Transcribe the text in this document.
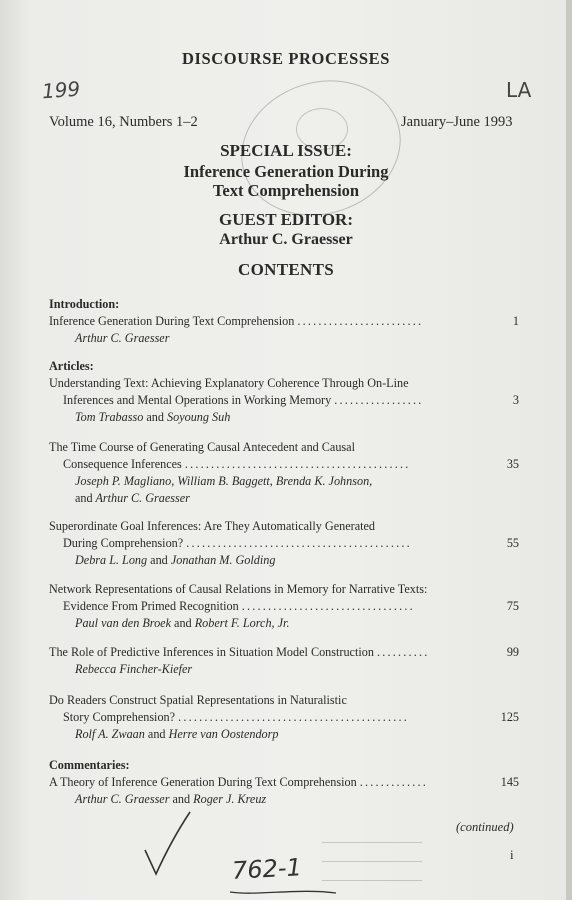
DISCOURSE PROCESSES
199	LA
Volume 16, Numbers 1–2	January–June 1993
SPECIAL ISSUE:
Inference Generation During
Text Comprehension
GUEST EDITOR:
Arthur C. Graesser
CONTENTS
Introduction:
Inference Generation During Text Comprehension ........................	1
Arthur C. Graesser
Articles:
Understanding Text: Achieving Explanatory Coherence Through On-Line
Inferences and Mental Operations in Working Memory .................	3
Tom Trabasso and Soyoung Suh
The Time Course of Generating Causal Antecedent and Causal
Consequence Inferences ...........................................	35
Joseph P. Magliano, William B. Baggett, Brenda K. Johnson,
and Arthur C. Graesser
Superordinate Goal Inferences: Are They Automatically Generated
During Comprehension? ...........................................	55
Debra L. Long and Jonathan M. Golding
Network Representations of Causal Relations in Memory for Narrative Texts:
Evidence From Primed Recognition .................................	75
Paul van den Broek and Robert F. Lorch, Jr.
The Role of Predictive Inferences in Situation Model Construction ..........	99
Rebecca Fincher-Kiefer
Do Readers Construct Spatial Representations in Naturalistic
Story Comprehension? ............................................	125
Rolf A. Zwaan and Herre van Oostendorp
Commentaries:
A Theory of Inference Generation During Text Comprehension .............	145
Arthur C. Graesser and Roger J. Kreuz
(continued)
i
762-1
